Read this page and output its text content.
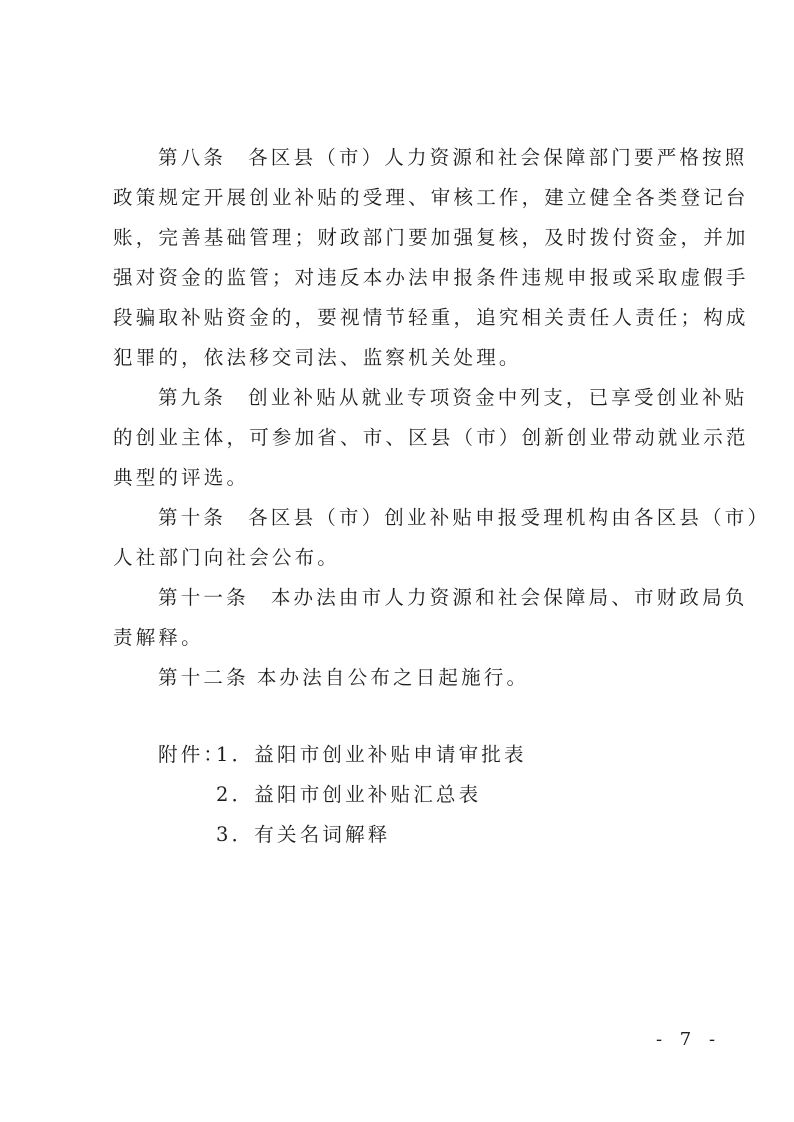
第八条 各区县（市）人力资源和社会保障部门要严格按照
政策规定开展创业补贴的受理、审核工作，建立健全各类登记台
账，完善基础管理；财政部门要加强复核，及时拨付资金，并加
强对资金的监管；对违反本办法申报条件违规申报或采取虚假手
段骗取补贴资金的，要视情节轻重，追究相关责任人责任；构成
犯罪的，依法移交司法、监察机关处理。
第九条 创业补贴从就业专项资金中列支，已享受创业补贴
的创业主体，可参加省、市、区县（市）创新创业带动就业示范
典型的评选。
第十条 各区县（市）创业补贴申报受理机构由各区县（市）
人社部门向社会公布。
第十一条 本办法由市人力资源和社会保障局、市财政局负
责解释。
第十二条 本办法自公布之日起施行。
附件：
1．益阳市创业补贴申请审批表
2．益阳市创业补贴汇总表
3．有关名词解释
- 7 -
